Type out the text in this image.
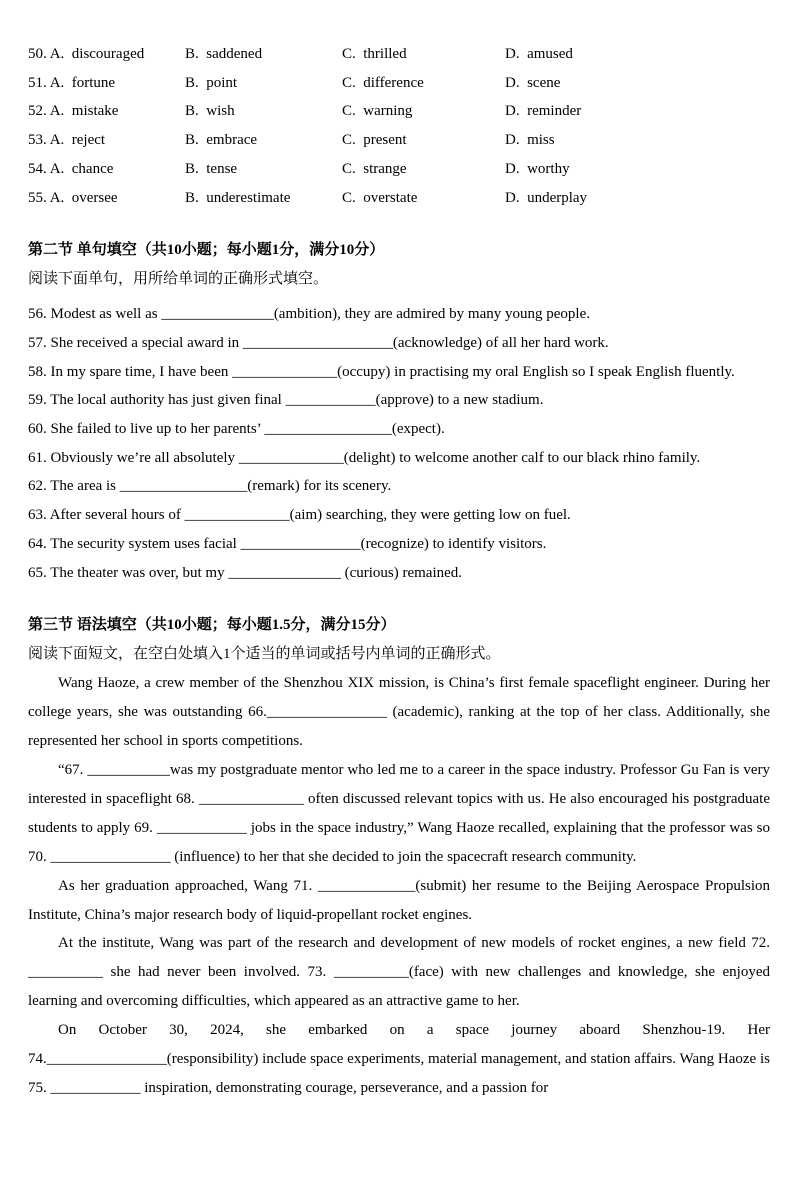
50. A.  discouraged	B.  saddened	C.  thrilled	D.  amused
51. A.  fortune	B.  point	C.  difference	D.  scene
52. A.  mistake	B.  wish	C.  warning	D.  reminder
53. A.  reject	B.  embrace	C.  present	D.  miss
54. A.  chance	B.  tense	C.  strange	D.  worthy
55. A.  oversee	B.  underestimate	C.  overstate	D.  underplay
第二节 单句填空（共10小题；每小题1分，满分10分）
阅读下面单句，用所给单词的正确形式填空。
56. Modest as well as _______________(ambition), they are admired by many young people.
57. She received a special award in ____________________(acknowledge) of all her hard work.
58. In my spare time, I have been ______________(occupy) in practising my oral English so I speak English fluently.
59. The local authority has just given final ____________(approve) to a new stadium.
60. She failed to live up to her parents’ _________________(expect).
61. Obviously we’re all absolutely ______________(delight) to welcome another calf to our black rhino family.
62. The area is _________________(remark) for its scenery.
63. After several hours of ______________(aim) searching, they were getting low on fuel.
64. The security system uses facial ________________(recognize) to identify visitors.
65. The theater was over, but my _______________ (curious) remained.
第三节 语法填空（共10小题；每小题1.5分，满分15分）
阅读下面短文，在空白处填入1个适当的单词或括号内单词的正确形式。

Wang Haoze, a crew member of the Shenzhou XIX mission, is China’s first female spaceflight engineer. During her college years, she was outstanding 66.________________ (academic), ranking at the top of her class. Additionally, she represented her school in sports competitions.

“67. ___________was my postgraduate mentor who led me to a career in the space industry. Professor Gu Fan is very interested in spaceflight 68. ______________ often discussed relevant topics with us. He also encouraged his postgraduate students to apply 69. ____________ jobs in the space industry,” Wang Haoze recalled, explaining that the professor was so 70. ________________ (influence) to her that she decided to join the spacecraft research community.

As her graduation approached, Wang 71. _____________(submit) her resume to the Beijing Aerospace Propulsion Institute, China’s major research body of liquid-propellant rocket engines.

At the institute, Wang was part of the research and development of new models of rocket engines, a new field 72. __________ she had never been involved. 73. __________(face) with new challenges and knowledge, she enjoyed learning and overcoming difficulties, which appeared as an attractive game to her.

On October 30, 2024, she embarked on a space journey aboard Shenzhou-19. Her 74.________________(responsibility) include space experiments, material management, and station affairs. Wang Haoze is 75. ____________ inspiration, demonstrating courage, perseverance, and a passion for
